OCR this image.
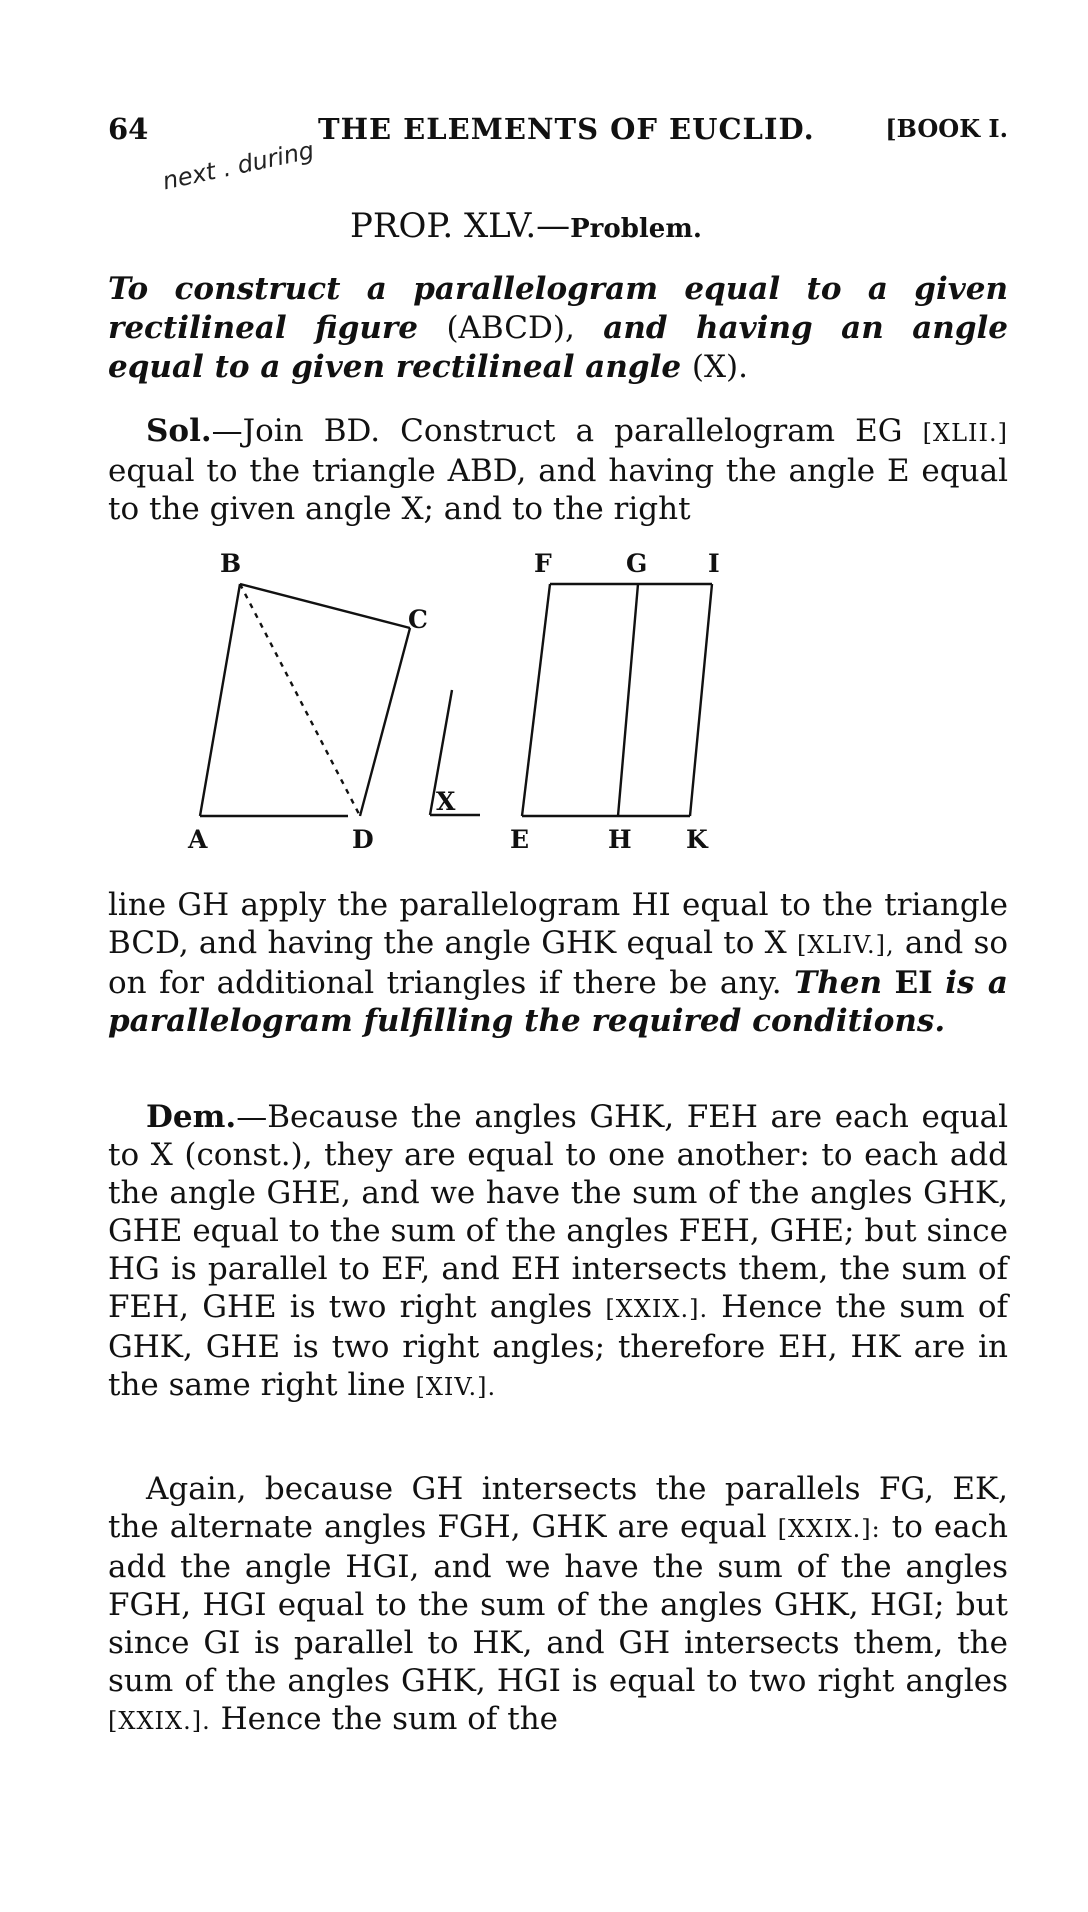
64	THE ELEMENTS OF EUCLID.	[BOOK I.
next . during
PROP. XLV.—Problem.

To construct a parallelogram equal to a given rectilineal figure (ABCD), and having an angle equal to a given rectilineal angle (X).

Sol.—Join BD. Construct a parallelogram EG [XLII.] equal to the triangle ABD, and having the angle E equal to the given angle X; and to the right

B
C
A	D
X
F	G I
E	H K

line GH apply the parallelogram HI equal to the triangle BCD, and having the angle GHK equal to X [XLIV.], and so on for additional triangles if there be any. Then EI is a parallelogram fulfilling the required conditions.

Dem.—Because the angles GHK, FEH are each equal to X (const.), they are equal to one another: to each add the angle GHE, and we have the sum of the angles GHK, GHE equal to the sum of the angles FEH, GHE; but since HG is parallel to EF, and EH intersects them, the sum of FEH, GHE is two right angles [XXIX.]. Hence the sum of GHK, GHE is two right angles; therefore EH, HK are in the same right line [XIV.].

Again, because GH intersects the parallels FG, EK, the alternate angles FGH, GHK are equal [XXIX.]: to each add the angle HGI, and we have the sum of the angles FGH, HGI equal to the sum of the angles GHK, HGI; but since GI is parallel to HK, and GH intersects them, the sum of the angles GHK, HGI is equal to two right angles [XXIX.]. Hence the sum of the
